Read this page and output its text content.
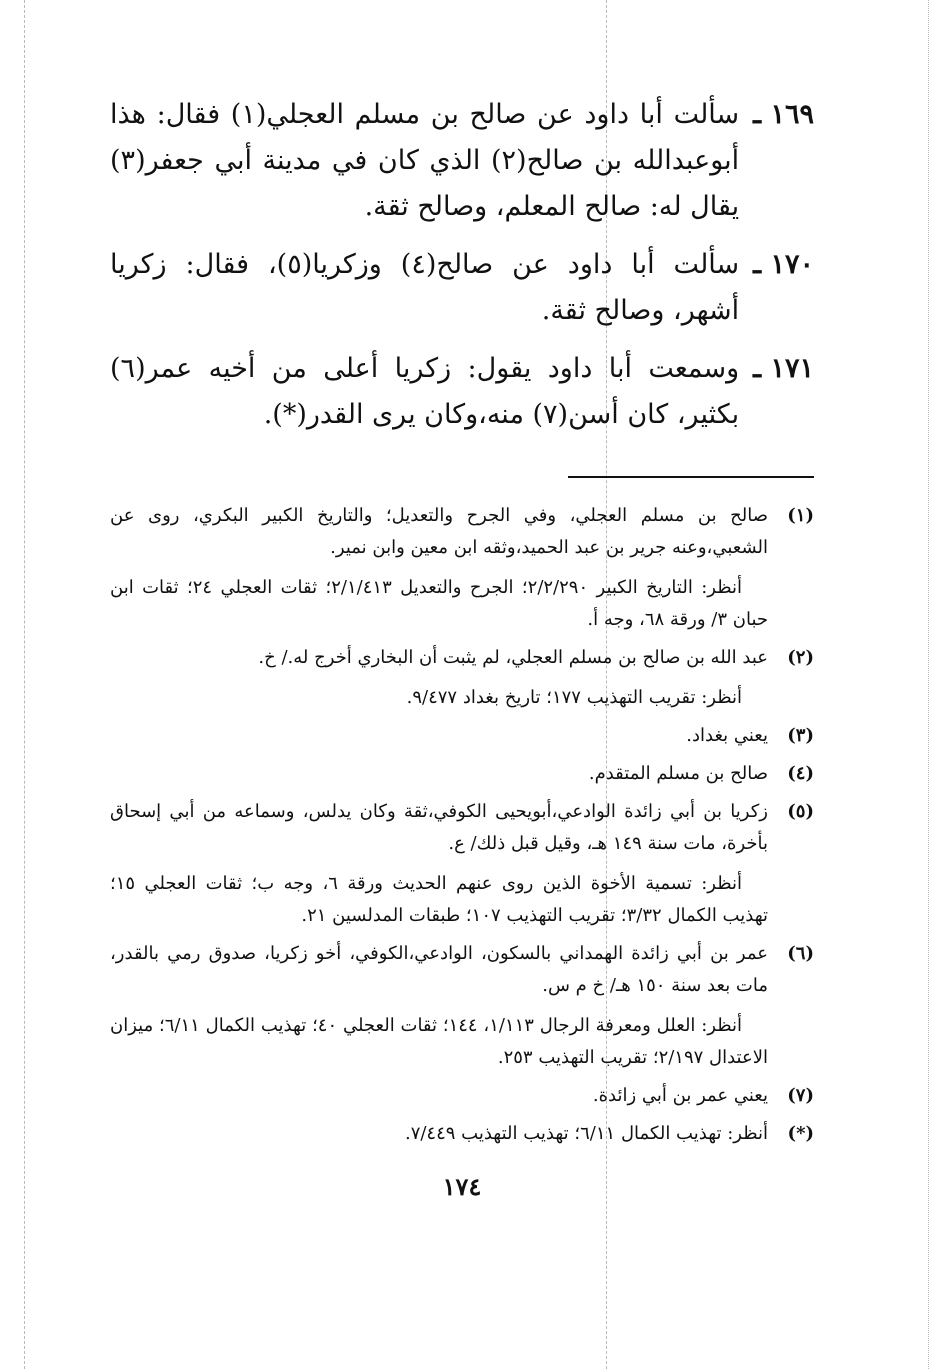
١٦٩ ـ
سألت أبا داود عن صالح بن مسلم العجلي(١) فقال: هذا أبوعبدالله بن صالح(٢) الذي كان في مدينة أبي جعفر(٣) يقال له: صالح المعلم، وصالح ثقة.
١٧٠ ـ
سألت أبا داود عن صالح(٤) وزكريا(٥)، فقال: زكريا أشهر، وصالح ثقة.
١٧١ ـ
وسمعت أبا داود يقول: زكريا أعلى من أخيه عمر(٦) بكثير، كان أسن(٧) منه،وكان يرى القدر(*).
(١)

صالح بن مسلم العجلي، وفي الجرح والتعديل؛ والتاريخ الكبير البكري، روى عن الشعبي،وعنه جرير بن عبد الحميد،وثقه ابن معين وابن نمير.

أنظر: التاريخ الكبير ٢/٢/٢٩٠؛ الجرح والتعديل ٢/١/٤١٣؛ ثقات العجلي ٢٤؛ ثقات ابن حبان ٣/ ورقة ٦٨، وجه أ.

(٢)

عبد الله بن صالح بن مسلم العجلي، لم يثبت أن البخاري أخرج له./ خ.

أنظر: تقريب التهذيب ١٧٧؛ تاريخ بغداد ٩/٤٧٧.

(٣)

يعني بغداد.

(٤)

صالح بن مسلم المتقدم.

(٥)

زكريا بن أبي زائدة الوادعي،أبويحيى الكوفي،ثقة وكان يدلس، وسماعه من أبي إسحاق بأخرة، مات سنة ١٤٩ هـ، وقيل قبل ذلك/ ع.

أنظر: تسمية الأخوة الذين روى عنهم الحديث ورقة ٦، وجه ب؛ ثقات العجلي ١٥؛ تهذيب الكمال ٣/٣٢؛ تقريب التهذيب ١٠٧؛ طبقات المدلسين ٢١.

(٦)

عمر بن أبي زائدة الهمداني بالسكون، الوادعي،الكوفي، أخو زكريا، صدوق رمي بالقدر، مات بعد سنة ١٥٠ هـ/ خ م س.

أنظر: العلل ومعرفة الرجال ١/١١٣، ١٤٤؛ ثقات العجلي ٤٠؛ تهذيب الكمال ٦/١١؛ ميزان الاعتدال ٢/١٩٧؛ تقريب التهذيب ٢٥٣.

(٧)

يعني عمر بن أبي زائدة.

(*)

أنظر: تهذيب الكمال ٦/١١؛ تهذيب التهذيب ٧/٤٤٩.

١٧٤
